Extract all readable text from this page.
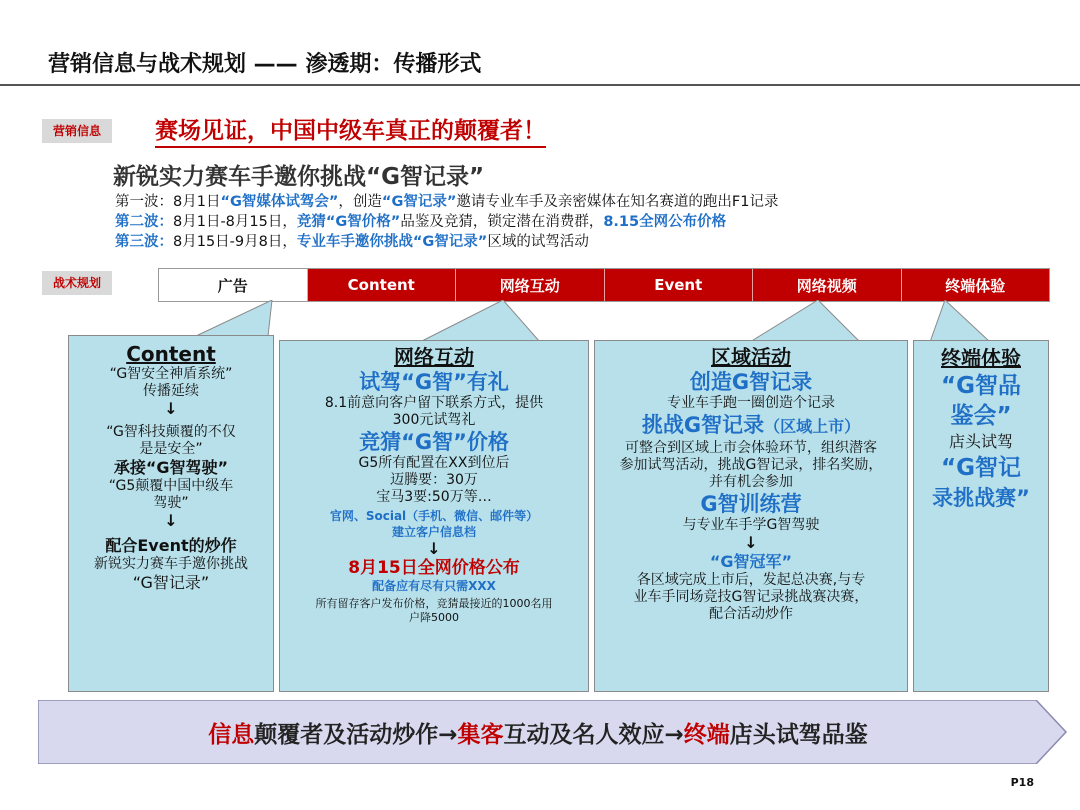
营销信息与战术规划 —— 渗透期：传播形式
营销信息	赛场见证，中国中级车真正的颠覆者！
新锐实力赛车手邀你挑战“G智记录”
第一波：8月1日“G智媒体试驾会”，创造“G智记录”邀请专业车手及亲密媒体在知名赛道的跑出F1记录
第二波：8月1日-8月15日，竞猜“G智价格”品鉴及竞猜，锁定潜在消费群，8.15全网公布价格
第三波：8月15日-9月8日，专业车手邀你挑战“G智记录”区域的试驾活动
战术规划	广告	Content	网络互动	Event	网络视频	终端体验
Content
“G智安全神盾系统”
传播延续
↓
“G智科技颠覆的不仅
是是安全”
承接“G智驾驶”
“G5颠覆中国中级车
驾驶”
↓
配合Event的炒作
新锐实力赛车手邀你挑战
“G智记录”
网络互动
试驾“G智”有礼
8.1前意向客户留下联系方式，提供
300元试驾礼
竞猜“G智”价格
G5所有配置在XX到位后
迈腾要：30万
宝马3要:50万等…
官网、Social（手机、微信、邮件等）
建立客户信息档
↓
8月15日全网价格公布
配备应有尽有只需XXX
所有留存客户发布价格，竞猜最接近的1000名用
户降5000
区域活动
创造G智记录
专业车手跑一圈创造个记录
挑战G智记录（区域上市）
可整合到区域上市会体验环节，组织潜客
参加试驾活动，挑战G智记录，排名奖励，
并有机会参加
G智训练营
与专业车手学G智驾驶
↓
“G智冠军”
各区域完成上市后，发起总决赛,与专
业车手同场竞技G智记录挑战赛决赛，
配合活动炒作
终端体验
“G智品
鉴会”
店头试驾
“G智记
录挑战赛”
信息 颠覆者及活动炒作→ 集客 互动及名人效应→ 终端 店头试驾品鉴
P18
